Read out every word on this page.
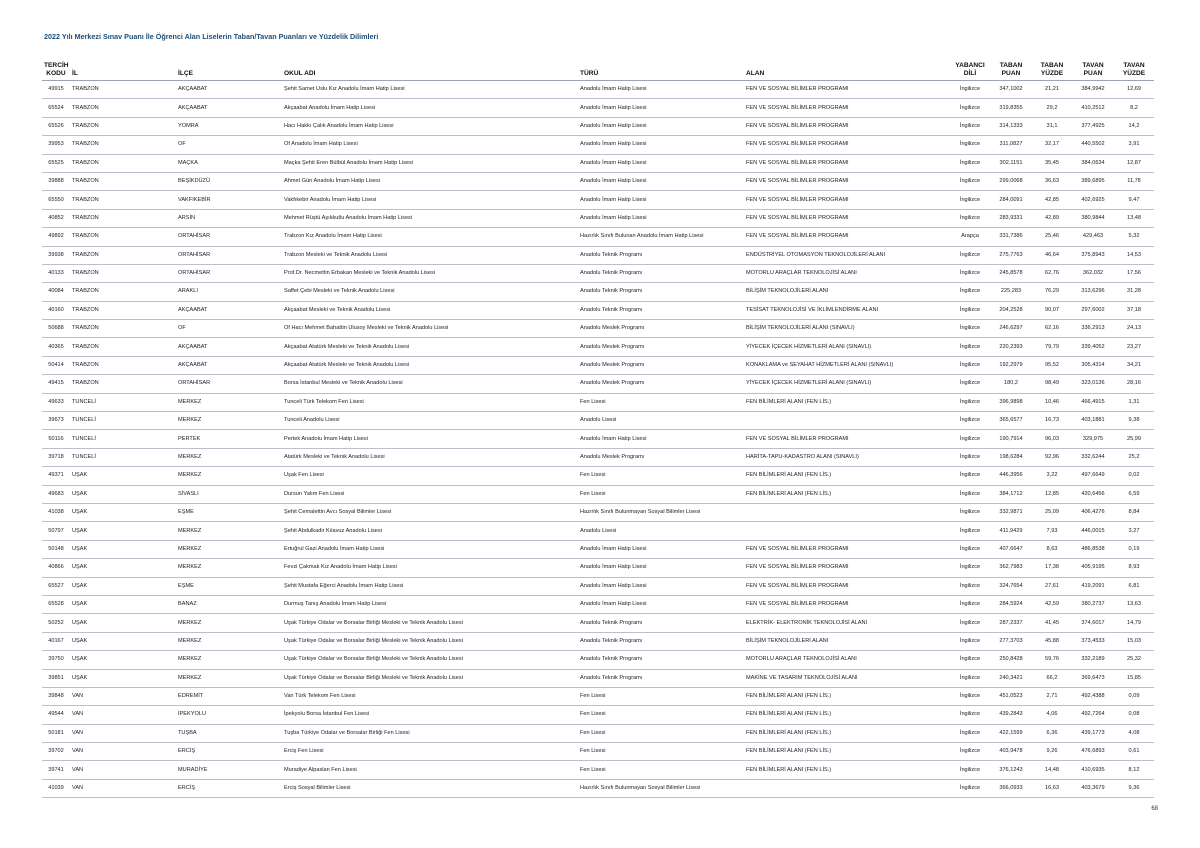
2022 Yılı Merkezi Sınav Puanı İle Öğrenci Alan Liselerin Taban/Tavan Puanları ve Yüzdelik Dilimleri
TERCİH KODU	İL	İLÇE	OKUL ADI	TÜRÜ	ALAN	YABANCI DİLİ	TABAN PUAN	TABAN YÜZDE	TAVAN PUAN	TAVAN YÜZDE
49915	TRABZON	AKÇAABAT	Şehit Samet Uslu Kız Anadolu İmam Hatip Lisesi	Anadolu İmam Hatip Lisesi	FEN VE SOSYAL BİLİMLER PROGRAMI	İngilizce	347,1002	21,21	384,9942	12,69
65524	TRABZON	AKÇAABAT	Akçaabat Anadolu İmam Hatip Lisesi	Anadolu İmam Hatip Lisesi	FEN VE SOSYAL BİLİMLER PROGRAMI	İngilizce	319,8355	29,2	410,2512	8,2
65526	TRABZON	YOMRA	Hacı Hakkı Çalık Anadolu İmam Hatip Lisesi	Anadolu İmam Hatip Lisesi	FEN VE SOSYAL BİLİMLER PROGRAMI	İngilizce	314,1333	31,1	377,4925	14,2
39953	TRABZON	OF	Of Anadolu İmam Hatip Lisesi	Anadolu İmam Hatip Lisesi	FEN VE SOSYAL BİLİMLER PROGRAMI	İngilizce	311,0827	32,17	440,5502	3,91
65525	TRABZON	MAÇKA	Maçka Şehit Eren Bülbül Anadolu İmam Hatip Lisesi	Anadolu İmam Hatip Lisesi	FEN VE SOSYAL BİLİMLER PROGRAMI	İngilizce	302,1151	35,45	384,0634	12,87
39888	TRABZON	BEŞİKDÜZÜ	Ahmet Gün Anadolu İmam Hatip Lisesi	Anadolu İmam Hatip Lisesi	FEN VE SOSYAL BİLİMLER PROGRAMI	İngilizce	299,0068	36,63	389,6895	11,78
65550	TRABZON	VAKFIKEBİR	Vakfıkebir Anadolu İmam Hatip Lisesi	Anadolu İmam Hatip Lisesi	FEN VE SOSYAL BİLİMLER PROGRAMI	İngilizce	284,0091	42,85	402,6925	9,47
40852	TRABZON	ARSİN	Mehmet Rüştü Aşıkkutlu Anadolu İmam Hatip Lisesi	Anadolu İmam Hatip Lisesi	FEN VE SOSYAL BİLİMLER PROGRAMI	İngilizce	283,9331	42,89	380,9844	13,48
49892	TRABZON	ORTAHİSAR	Trabzon Kız Anadolu İmam Hatip Lisesi	Hazırlık Sınıfı Bulunan Anadolu İmam Hatip Lisesi	FEN VE SOSYAL BİLİMLER PROGRAMI	Arapça	331,7386	25,46	429,463	5,32
39938	TRABZON	ORTAHİSAR	Trabzon Mesleki ve Teknik Anadolu Lisesi	Anadolu Teknik Programı	ENDÜSTRİYEL OTOMASYON TEKNOLOJİLERİ ALANI	İngilizce	275,7763	46,64	375,8943	14,53
40133	TRABZON	ORTAHİSAR	Prof.Dr. Necmettin Erbakan Mesleki ve Teknik Anadolu Lisesi	Anadolu Teknik Programı	MOTORLU ARAÇLAR TEKNOLOJİSİ ALANI	İngilizce	245,8578	62,76	362,032	17,56
40084	TRABZON	ARAKLI	Saffet Çebi Mesleki ve Teknik Anadolu Lisesi	Anadolu Teknik Programı	BİLİŞİM TEKNOLOJİLERİ ALANI	İngilizce	225,283	76,29	313,6296	31,28
40160	TRABZON	AKÇAABAT	Akçaabat Mesleki ve Teknik Anadolu Lisesi	Anadolu Teknik Programı	TESİSAT TEKNOLOJİSİ VE İKLİMLENDİRME ALANI	İngilizce	204,2528	90,07	297,6002	37,18
50688	TRABZON	OF	Of Hacı Mehmet Bahattin Ulusoy Mesleki ve Teknik Anadolu Lisesi	Anadolu Meslek Programı	BİLİŞİM TEKNOLOJİLERİ ALANI (SINAVLI)	İngilizce	246,6297	62,16	336,2913	24,13
40365	TRABZON	AKÇAABAT	Akçaabat Atatürk Mesleki ve Teknik Anadolu Lisesi	Anadolu Meslek Programı	YİYECEK İÇECEK HİZMETLERİ ALANI (SINAVLI)	İngilizce	220,2393	79,79	339,4052	23,27
50414	TRABZON	AKÇAABAT	Akçaabat Atatürk Mesleki ve Teknik Anadolu Lisesi	Anadolu Meslek Programı	KONAKLAMA ve SEYAHAT HİZMETLERİ ALANI (SINAVLI)	İngilizce	192,2979	95,52	305,4314	34,21
49415	TRABZON	ORTAHİSAR	Borsa İstanbul Mesleki ve Teknik Anadolu Lisesi	Anadolu Meslek Programı	YİYECEK İÇECEK HİZMETLERİ ALANI (SINAVLI)	İngilizce	180,2	98,49	323,0136	28,16
49633	TUNCELİ	MERKEZ	Tunceli Türk Telekom Fen Lisesi	Fen Lisesi	FEN BİLİMLERİ ALANI (FEN LİS.)	İngilizce	396,9898	10,46	466,4915	1,31
39673	TUNCELİ	MERKEZ	Tunceli Anadolu Lisesi	Anadolu Lisesi		İngilizce	365,6577	16,73	403,1881	9,38
50116	TUNCELİ	PERTEK	Pertek Anadolu İmam Hatip Lisesi	Anadolu İmam Hatip Lisesi	FEN VE SOSYAL BİLİMLER PROGRAMI	İngilizce	190,7914	96,03	329,975	25,99
39718	TUNCELİ	MERKEZ	Atatürk Mesleki ve Teknik Anadolu Lisesi	Anadolu Meslek Programı	HARİTA-TAPU-KADASTRO ALANI (SINAVLI)	İngilizce	198,6284	92,96	332,6244	25,2
49371	UŞAK	MERKEZ	Uşak Fen Lisesi	Fen Lisesi	FEN BİLİMLERİ ALANI (FEN LİS.)	İngilizce	446,3956	3,22	497,6649	0,02
49683	UŞAK	SİVASLI	Dursun Yalım Fen Lisesi	Fen Lisesi	FEN BİLİMLERİ ALANI (FEN LİS.)	İngilizce	384,1712	12,85	420,6456	6,59
41038	UŞAK	EŞME	Şehit Cemalettin Avcı Sosyal Bilimler Lisesi	Hazırlık Sınıfı Bulunmayan Sosyal Bilimler Lisesi		İngilizce	332,9871	25,09	406,4276	8,84
50797	UŞAK	MERKEZ	Şehit Abdulkadir Kılavuz Anadolu Lisesi	Anadolu Lisesi		İngilizce	411,9429	7,93	446,0015	3,27
50148	UŞAK	MERKEZ	Ertuğrul Gazi Anadolu İmam Hatip Lisesi	Anadolu İmam Hatip Lisesi	FEN VE SOSYAL BİLİMLER PROGRAMI	İngilizce	407,6647	8,63	486,8538	0,19
40866	UŞAK	MERKEZ	Fevzi Çakmak Kız Anadolu İmam Hatip Lisesi	Anadolu İmam Hatip Lisesi	FEN VE SOSYAL BİLİMLER PROGRAMI	İngilizce	362,7983	17,38	405,9195	8,93
65527	UŞAK	EŞME	Şehit Mustafa Eğerci Anadolu İmam Hatip Lisesi	Anadolu İmam Hatip Lisesi	FEN VE SOSYAL BİLİMLER PROGRAMI	İngilizce	324,7654	27,61	419,2091	6,81
65528	UŞAK	BANAZ	Durmuş Tanış Anadolu İmam Hatip Lisesi	Anadolu İmam Hatip Lisesi	FEN VE SOSYAL BİLİMLER PROGRAMI	İngilizce	284,5924	42,59	380,2737	13,63
50252	UŞAK	MERKEZ	Uşak Türkiye Odalar ve Borsalar Birliği Mesleki ve Teknik Anadolu Lisesi	Anadolu Teknik Programı	ELEKTRİK- ELEKTRONİK TEKNOLOJİSİ ALANI	İngilizce	287,2337	41,45	374,6017	14,79
40167	UŞAK	MERKEZ	Uşak Türkiye Odalar ve Borsalar Birliği Mesleki ve Teknik Anadolu Lisesi	Anadolu Teknik Programı	BİLİŞİM TEKNOLOJİLERİ ALANI	İngilizce	277,3703	45,88	373,4533	15,03
39750	UŞAK	MERKEZ	Uşak Türkiye Odalar ve Borsalar Birliği Mesleki ve Teknik Anadolu Lisesi	Anadolu Teknik Programı	MOTORLU ARAÇLAR TEKNOLOJİSİ ALANI	İngilizce	250,8428	59,76	332,2189	25,32
39851	UŞAK	MERKEZ	Uşak Türkiye Odalar ve Borsalar Birliği Mesleki ve Teknik Anadolu Lisesi	Anadolu Teknik Programı	MAKİNE VE TASARIM TEKNOLOJİSİ ALANI	İngilizce	240,3421	66,2	369,6473	15,85
39848	VAN	EDREMİT	Van Türk Telekom Fen Lisesi	Fen Lisesi	FEN BİLİMLERİ ALANI (FEN LİS.)	İngilizce	451,0523	2,71	492,4388	0,09
49544	VAN	İPEKYOLU	İpekyolu Borsa İstanbul Fen Lisesi	Fen Lisesi	FEN BİLİMLERİ ALANI (FEN LİS.)	İngilizce	439,2843	4,06	492,7264	0,08
50181	VAN	TUŞBA	Tuşba Türkiye Odalar ve Borsalar Birliği Fen Lisesi	Fen Lisesi	FEN BİLİMLERİ ALANI (FEN LİS.)	İngilizce	422,1599	6,36	439,1773	4,08
39702	VAN	ERCİŞ	Erciş Fen Lisesi	Fen Lisesi	FEN BİLİMLERİ ALANI (FEN LİS.)	İngilizce	403,9478	9,26	476,6893	0,61
39741	VAN	MURADİYE	Muradiye Alpaslan Fen Lisesi	Fen Lisesi	FEN BİLİMLERİ ALANI (FEN LİS.)	İngilizce	376,1243	14,48	410,6935	8,12
41039	VAN	ERCİŞ	Erciş Sosyal Bilimler Lisesi	Hazırlık Sınıfı Bulunmayan Sosyal Bilimler Lisesi		İngilizce	366,0933	16,63	403,3679	9,36
68
